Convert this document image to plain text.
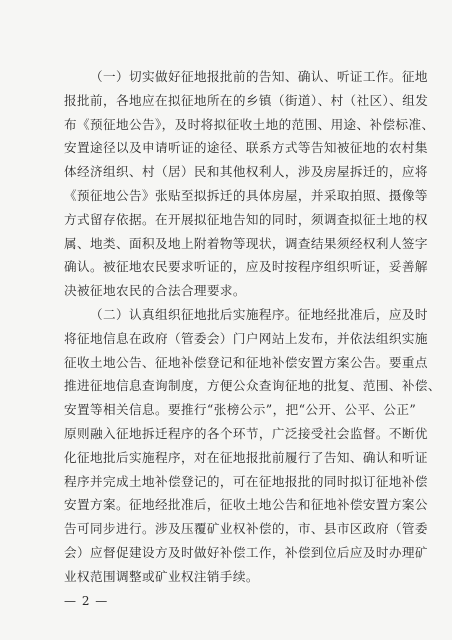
（一）切实做好征地报批前的告知、确认、听证工作。征地
报批前，各地应在拟征地所在的乡镇（街道）、村（社区）、组发
布《预征地公告》，及时将拟征收土地的范围、用途、补偿标准、
安置途径以及申请听证的途径、联系方式等告知被征地的农村集
体经济组织、村（居）民和其他权利人，涉及房屋拆迁的，应将
《预征地公告》张贴至拟拆迁的具体房屋，并采取拍照、摄像等
方式留存依据。在开展拟征地告知的同时，须调查拟征土地的权
属、地类、面积及地上附着物等现状，调查结果须经权利人签字
确认。被征地农民要求听证的，应及时按程序组织听证，妥善解
决被征地农民的合法合理要求。

（二）认真组织征地批后实施程序。征地经批准后，应及时
将征地信息在政府（管委会）门户网站上发布，并依法组织实施
征收土地公告、征地补偿登记和征地补偿安置方案公告。要重点
推进征地信息查询制度，方便公众查询征地的批复、范围、补偿、
安置等相关信息。要推行“张榜公示”，把“公开、公平、公正”
原则融入征地拆迁程序的各个环节，广泛接受社会监督。不断优
化征地批后实施程序，对在征地报批前履行了告知、确认和听证
程序并完成土地补偿登记的，可在征地报批的同时拟订征地补偿
安置方案。征地经批准后，征收土地公告和征地补偿安置方案公
告可同步进行。涉及压覆矿业权补偿的，市、县市区政府（管委
会）应督促建设方及时做好补偿工作，补偿到位后应及时办理矿
业权范围调整或矿业权注销手续。

— 2 —
